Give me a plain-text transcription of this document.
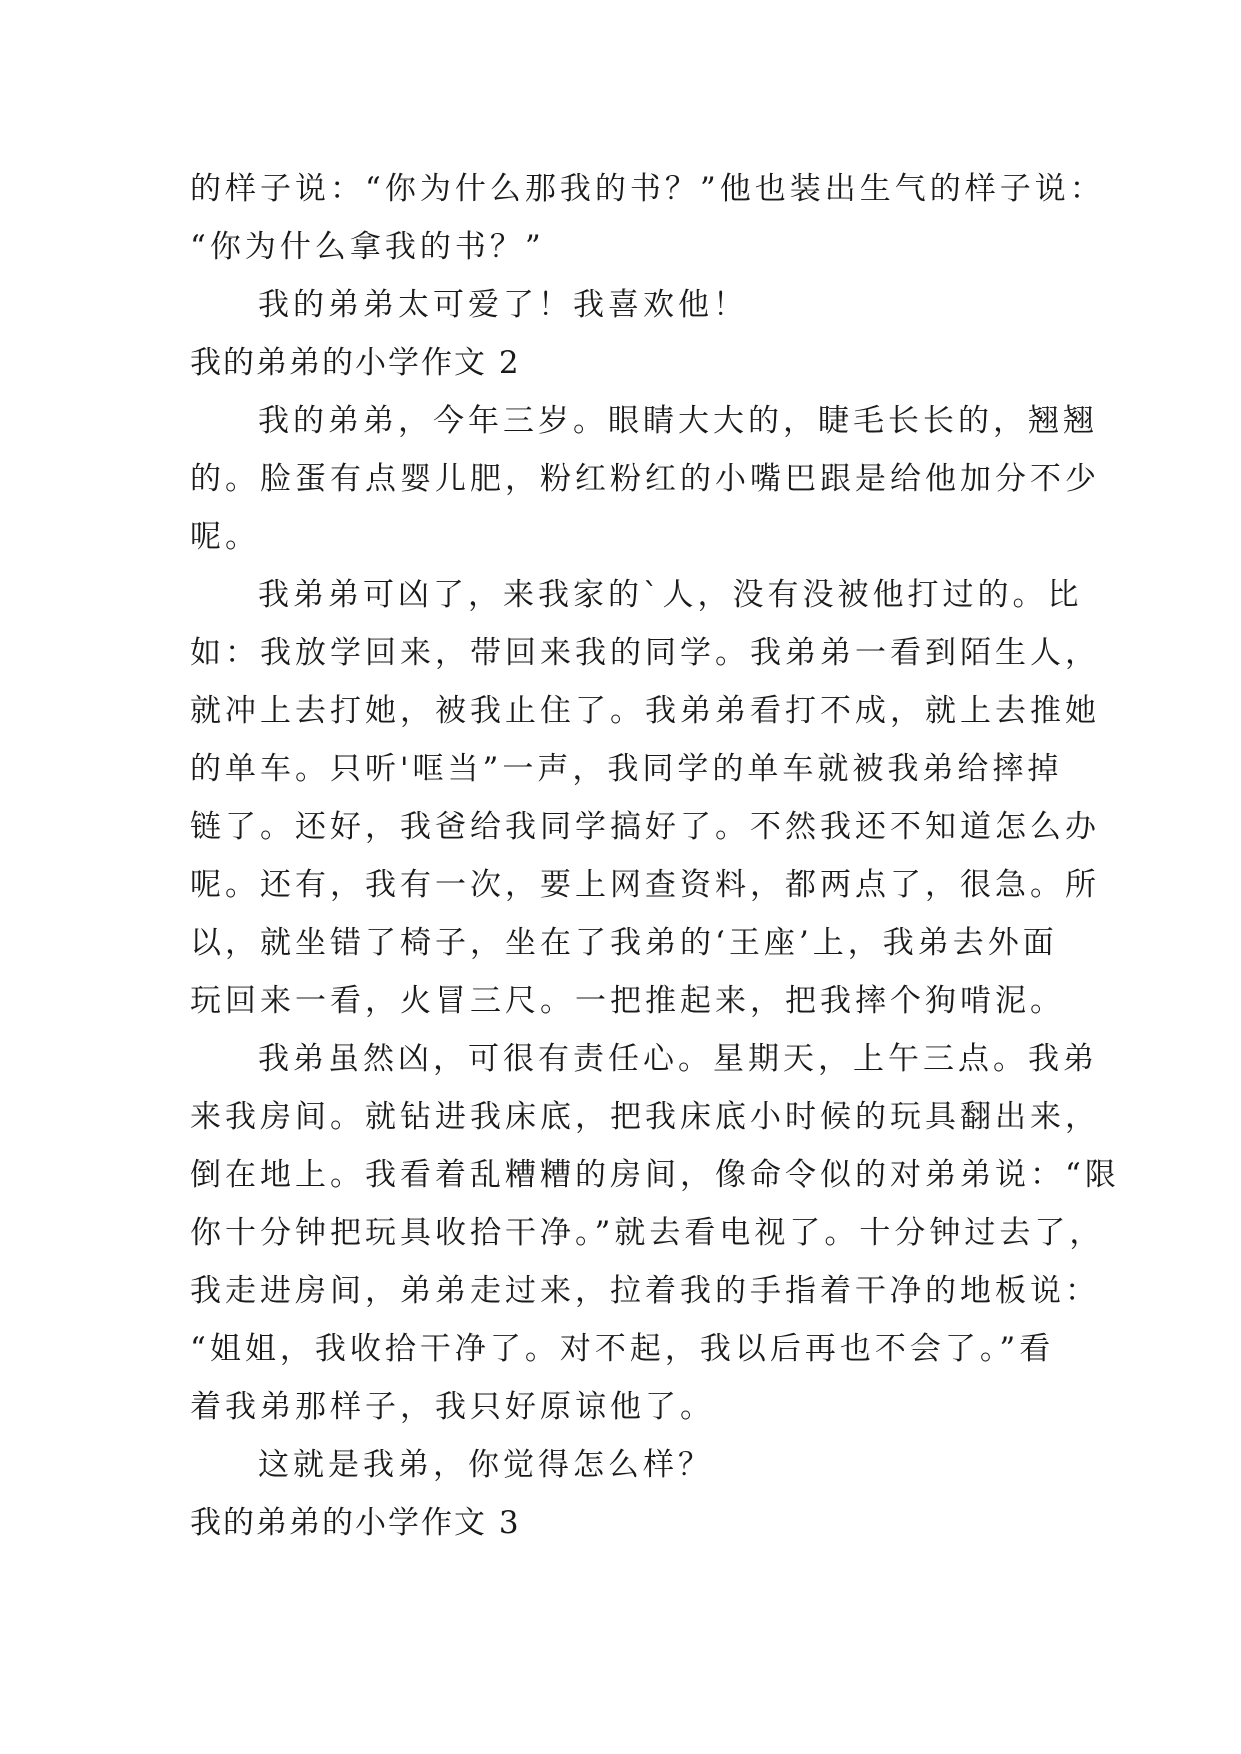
的样子说：“你为什么那我的书？”他也装出生气的样子说：
“你为什么拿我的书？”
我的弟弟太可爱了！我喜欢他！
我的弟弟的小学作文 2
我的弟弟，今年三岁。眼睛大大的，睫毛长长的，翘翘
的。脸蛋有点婴儿肥，粉红粉红的小嘴巴跟是给他加分不少
呢。
我弟弟可凶了，来我家的`人，没有没被他打过的。比
如：我放学回来，带回来我的同学。我弟弟一看到陌生人，
就冲上去打她，被我止住了。我弟弟看打不成，就上去推她
的单车。只听'哐当”一声，我同学的单车就被我弟给摔掉
链了。还好，我爸给我同学搞好了。不然我还不知道怎么办
呢。还有，我有一次，要上网查资料，都两点了，很急。所
以，就坐错了椅子，坐在了我弟的‘王座’上，我弟去外面
玩回来一看，火冒三尺。一把推起来，把我摔个狗啃泥。
我弟虽然凶，可很有责任心。星期天，上午三点。我弟
来我房间。就钻进我床底，把我床底小时候的玩具翻出来，
倒在地上。我看着乱糟糟的房间，像命令似的对弟弟说：“限
你十分钟把玩具收拾干净。”就去看电视了。十分钟过去了，
我走进房间，弟弟走过来，拉着我的手指着干净的地板说：
“姐姐，我收拾干净了。对不起，我以后再也不会了。”看
着我弟那样子，我只好原谅他了。
这就是我弟，你觉得怎么样？
我的弟弟的小学作文 3
